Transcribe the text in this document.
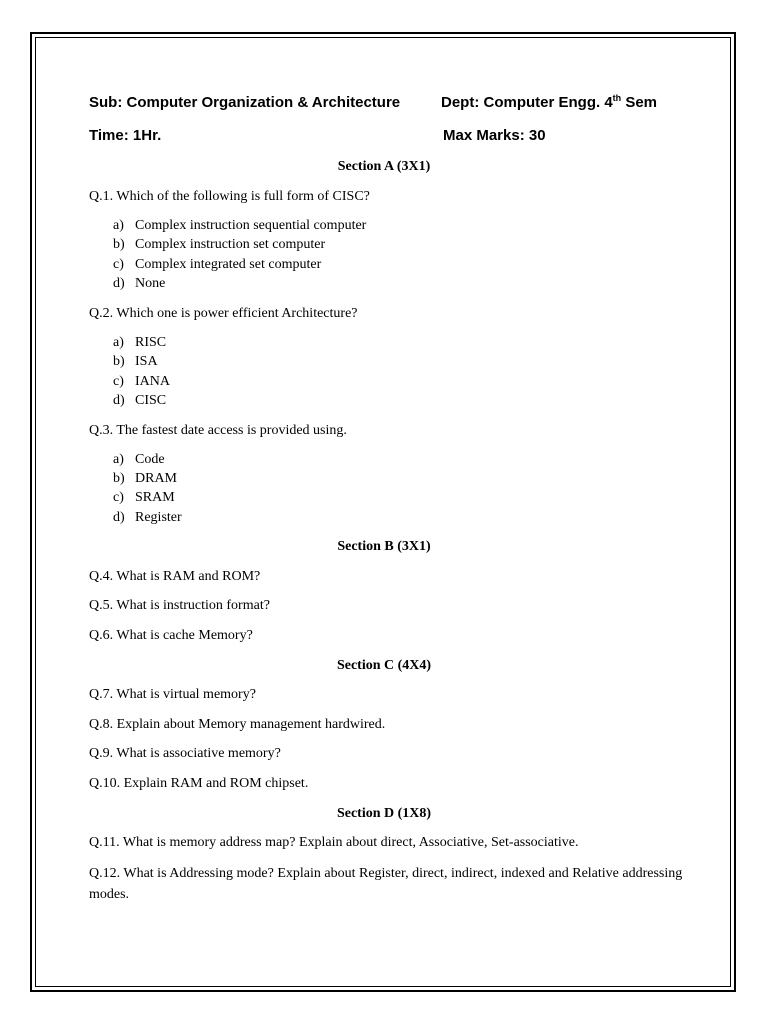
Sub: Computer Organization & Architecture	Dept: Computer Engg. 4th Sem
Time: 1Hr.	Max Marks: 30
Section A (3X1)
Q.1. Which of the following is full form of CISC?
a) Complex instruction sequential computer
b) Complex instruction set computer
c) Complex integrated set computer
d) None
Q.2. Which one is power efficient Architecture?
a) RISC
b) ISA
c) IANA
d) CISC
Q.3. The fastest date access is provided using.
a) Code
b) DRAM
c) SRAM
d) Register
Section B (3X1)
Q.4. What is RAM and ROM?
Q.5. What is instruction format?
Q.6. What is cache Memory?
Section C (4X4)
Q.7. What is virtual memory?
Q.8. Explain about Memory management hardwired.
Q.9. What is associative memory?
Q.10. Explain RAM and ROM chipset.
Section D (1X8)
Q.11. What is memory address map? Explain about direct, Associative, Set-associative.
Q.12. What is Addressing mode? Explain about Register, direct, indirect, indexed and Relative addressing modes.
